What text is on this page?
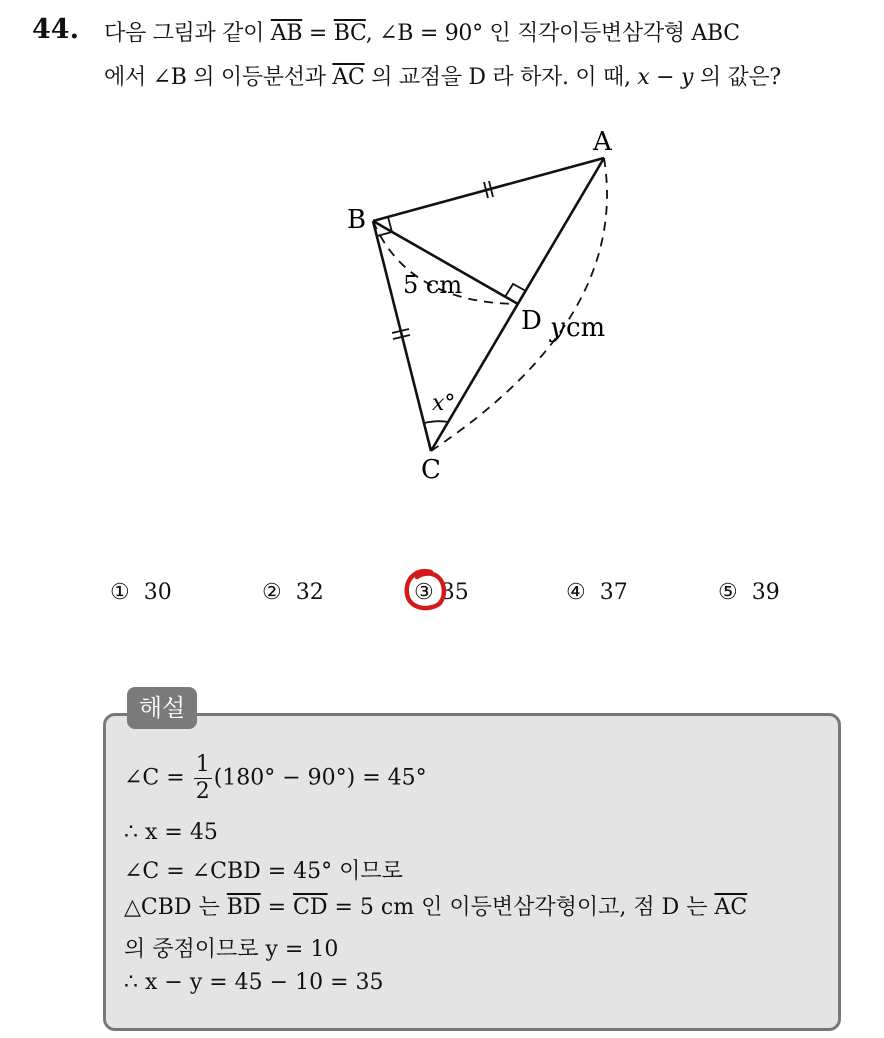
44. 다음 그림과 같이 $\overline{AB} = \overline{BC}$, ∠B = 90° 인 직각이등변삼각형 ABC
에서 ∠B 의 이등분선과 $\overline{AC}$ 의 교점을 D 라 하자. 이 때, x − y 의 값은?
A
B
C
D
5 cm
y cm
x°
① 30	② 32	③ 35	④ 37	⑤ 39
해설
∠C = $\frac{1}{2} (180^\circ - 90^\circ) = 45^\circ$
∴ x = 45
∠C = ∠CBD = 45° 이므로
△CBD 는 $\overline{BD} = \overline{CD} = 5$ cm 인 이등변삼각형이고, 점 D 는 $\overline{AC}$
의 중점이므로 y = 10
∴ x − y = 45 − 10 = 35
